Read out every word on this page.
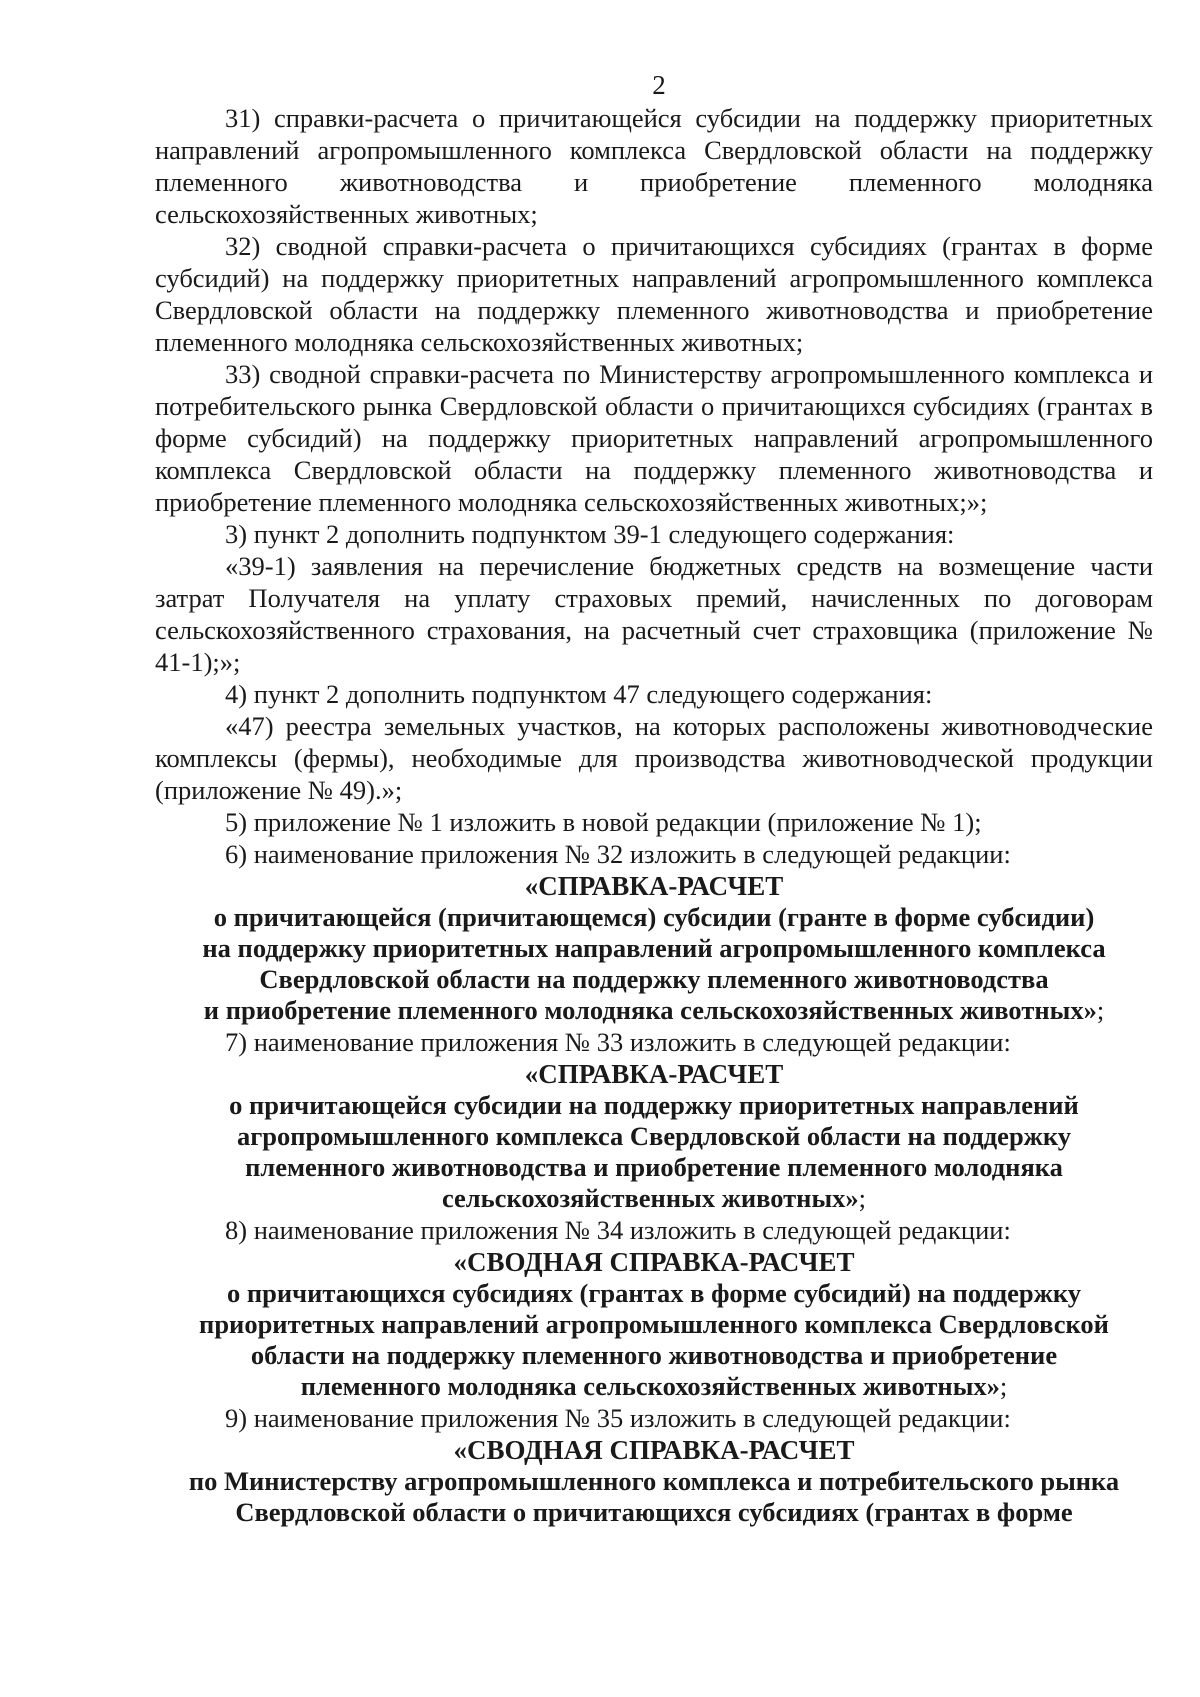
2

31) справки-расчета о причитающейся субсидии на поддержку приоритетных направлений агропромышленного комплекса Свердловской области на поддержку племенного животноводства и приобретение племенного молодняка сельскохозяйственных животных;

32) сводной справки-расчета о причитающихся субсидиях (грантах в форме субсидий) на поддержку приоритетных направлений агропромышленного комплекса Свердловской области на поддержку племенного животноводства и приобретение племенного молодняка сельскохозяйственных животных;

33) сводной справки-расчета по Министерству агропромышленного комплекса и потребительского рынка Свердловской области о причитающихся субсидиях (грантах в форме субсидий) на поддержку приоритетных направлений агропромышленного комплекса Свердловской области на поддержку племенного животноводства и приобретение племенного молодняка сельскохозяйственных животных;»;

3) пункт 2 дополнить подпунктом 39-1 следующего содержания:

«39-1) заявления на перечисление бюджетных средств на возмещение части затрат Получателя на уплату страховых премий, начисленных по договорам сельскохозяйственного страхования, на расчетный счет страховщика (приложение № 41-1);»;

4) пункт 2 дополнить подпунктом 47 следующего содержания:

«47) реестра земельных участков, на которых расположены животноводческие комплексы (фермы), необходимые для производства животноводческой продукции (приложение № 49).»;

5) приложение № 1 изложить в новой редакции (приложение № 1);

6) наименование приложения № 32 изложить в следующей редакции:

«СПРАВКА-РАСЧЕТ

о причитающейся (причитающемся) субсидии (гранте в форме субсидии)

на поддержку приоритетных направлений агропромышленного комплекса

Свердловской области на поддержку племенного животноводства

и приобретение племенного молодняка сельскохозяйственных животных»;

7) наименование приложения № 33 изложить в следующей редакции:

«СПРАВКА-РАСЧЕТ

о причитающейся субсидии на поддержку приоритетных направлений

агропромышленного комплекса Свердловской области на поддержку

племенного животноводства и приобретение племенного молодняка

сельскохозяйственных животных»;

8) наименование приложения № 34 изложить в следующей редакции:

«СВОДНАЯ СПРАВКА-РАСЧЕТ

о причитающихся субсидиях (грантах в форме субсидий) на поддержку

приоритетных направлений агропромышленного комплекса Свердловской

области на поддержку племенного животноводства и приобретение

племенного молодняка сельскохозяйственных животных»;

9) наименование приложения № 35 изложить в следующей редакции:

«СВОДНАЯ СПРАВКА-РАСЧЕТ

по Министерству агропромышленного комплекса и потребительского рынка

Свердловской области о причитающихся субсидиях (грантах в форме
